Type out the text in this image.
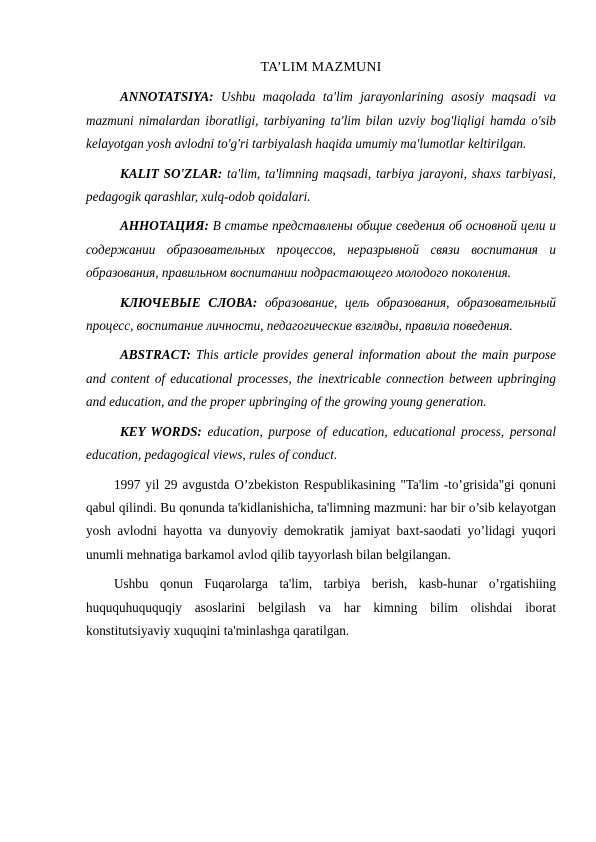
TA’LIM MAZMUNI

ANNOTATSIYA: Ushbu maqolada ta'lim jarayonlarining asosiy maqsadi va mazmuni nimalardan iboratligi, tarbiyaning ta'lim bilan uzviy bog'liqligi hamda o'sib kelayotgan yosh avlodni to'g'ri tarbiyalash haqida umumiy ma'lumotlar keltirilgan.

KALIT SO'ZLAR: ta'lim, ta'limning maqsadi, tarbiya jarayoni, shaxs tarbiyasi, pedagogik qarashlar, xulq-odob qoidalari.

АННОТАЦИЯ: В статье представлены общие сведения об основной цели и содержании образовательных процессов, неразрывной связи воспитания и образования, правильном воспитании подрастающего молодого поколения.

КЛЮЧЕВЫЕ СЛОВА: образование, цель образования, образовательный процесс, воспитание личности, педагогические взгляды, правила поведения.

ABSTRACT: This article provides general information about the main purpose and content of educational processes, the inextricable connection between upbringing and education, and the proper upbringing of the growing young generation.

KEY WORDS: education, purpose of education, educational process, personal education, pedagogical views, rules of conduct.

1997 yil 29 avgustda O’zbekiston Respublikasining "Ta'lim -to’grisida"gi qonuni qabul qilindi. Bu qonunda ta'kidlanishicha, ta'limning mazmuni: har bir o’sib kelayotgan yosh avlodni hayotta va dunyoviy demokratik jamiyat baxt-saodati yo’lidagi yuqori unumli mehnatiga barkamol avlod qilib tayyorlash bilan belgilangan.

Ushbu qonun Fuqarolarga ta'lim, tarbiya berish, kasb-hunar o’rgatishiing huququhuququqiy asoslarini belgilash va har kimning bilim olishdai iborat konstitutsiyaviy xuquqini ta'minlashga qaratilgan.
